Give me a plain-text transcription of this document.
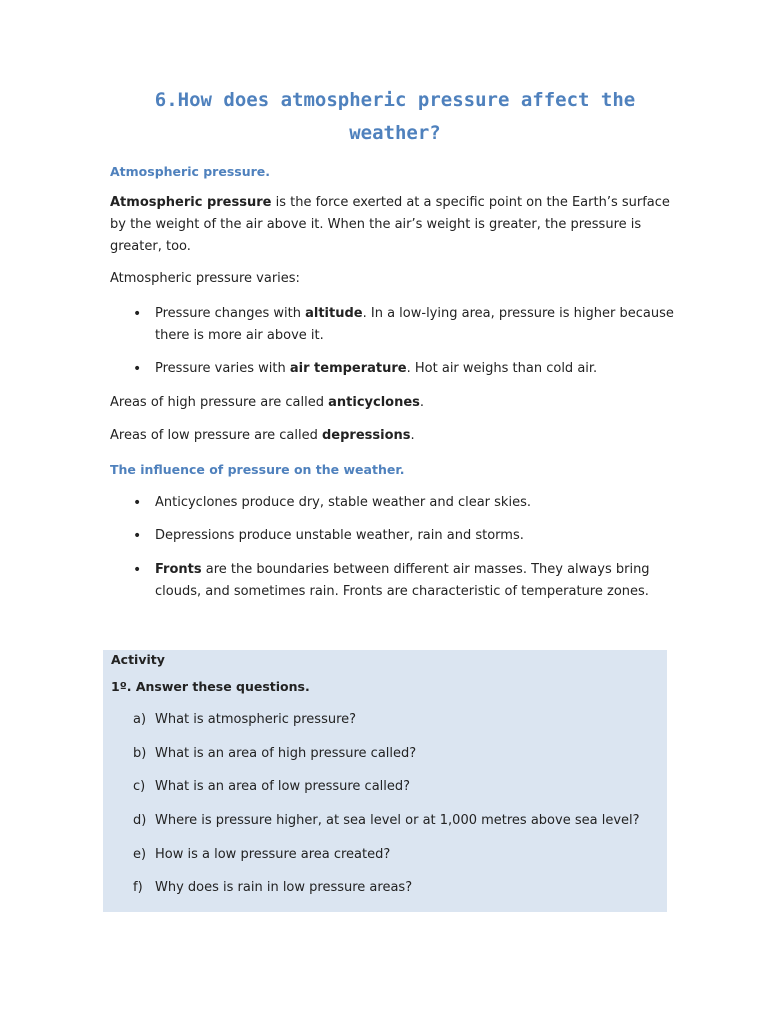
6.How does atmospheric pressure affect the weather?

Atmospheric pressure.

Atmospheric pressure is the force exerted at a specific point on the Earth’s surface by the weight of the air above it. When the air’s weight is greater, the pressure is greater, too.

Atmospheric pressure varies:

• Pressure changes with altitude. In a low-lying area, pressure is higher because there is more air above it.

• Pressure varies with air temperature. Hot air weighs than cold air.

Areas of high pressure are called anticyclones.

Areas of low pressure are called depressions.

The influence of pressure on the weather.

• Anticyclones produce dry, stable weather and clear skies.

• Depressions produce unstable weather, rain and storms.

• Fronts are the boundaries between different air masses. They always bring clouds, and sometimes rain. Fronts are characteristic of temperature zones.

Activity

1º. Answer these questions.

a) What is atmospheric pressure?

b) What is an area of high pressure called?

c) What is an area of low pressure called?

d) Where is pressure higher, at sea level or at 1,000 metres above sea level?

e) How is a low pressure area created?

f) Why does is rain in low pressure areas?
